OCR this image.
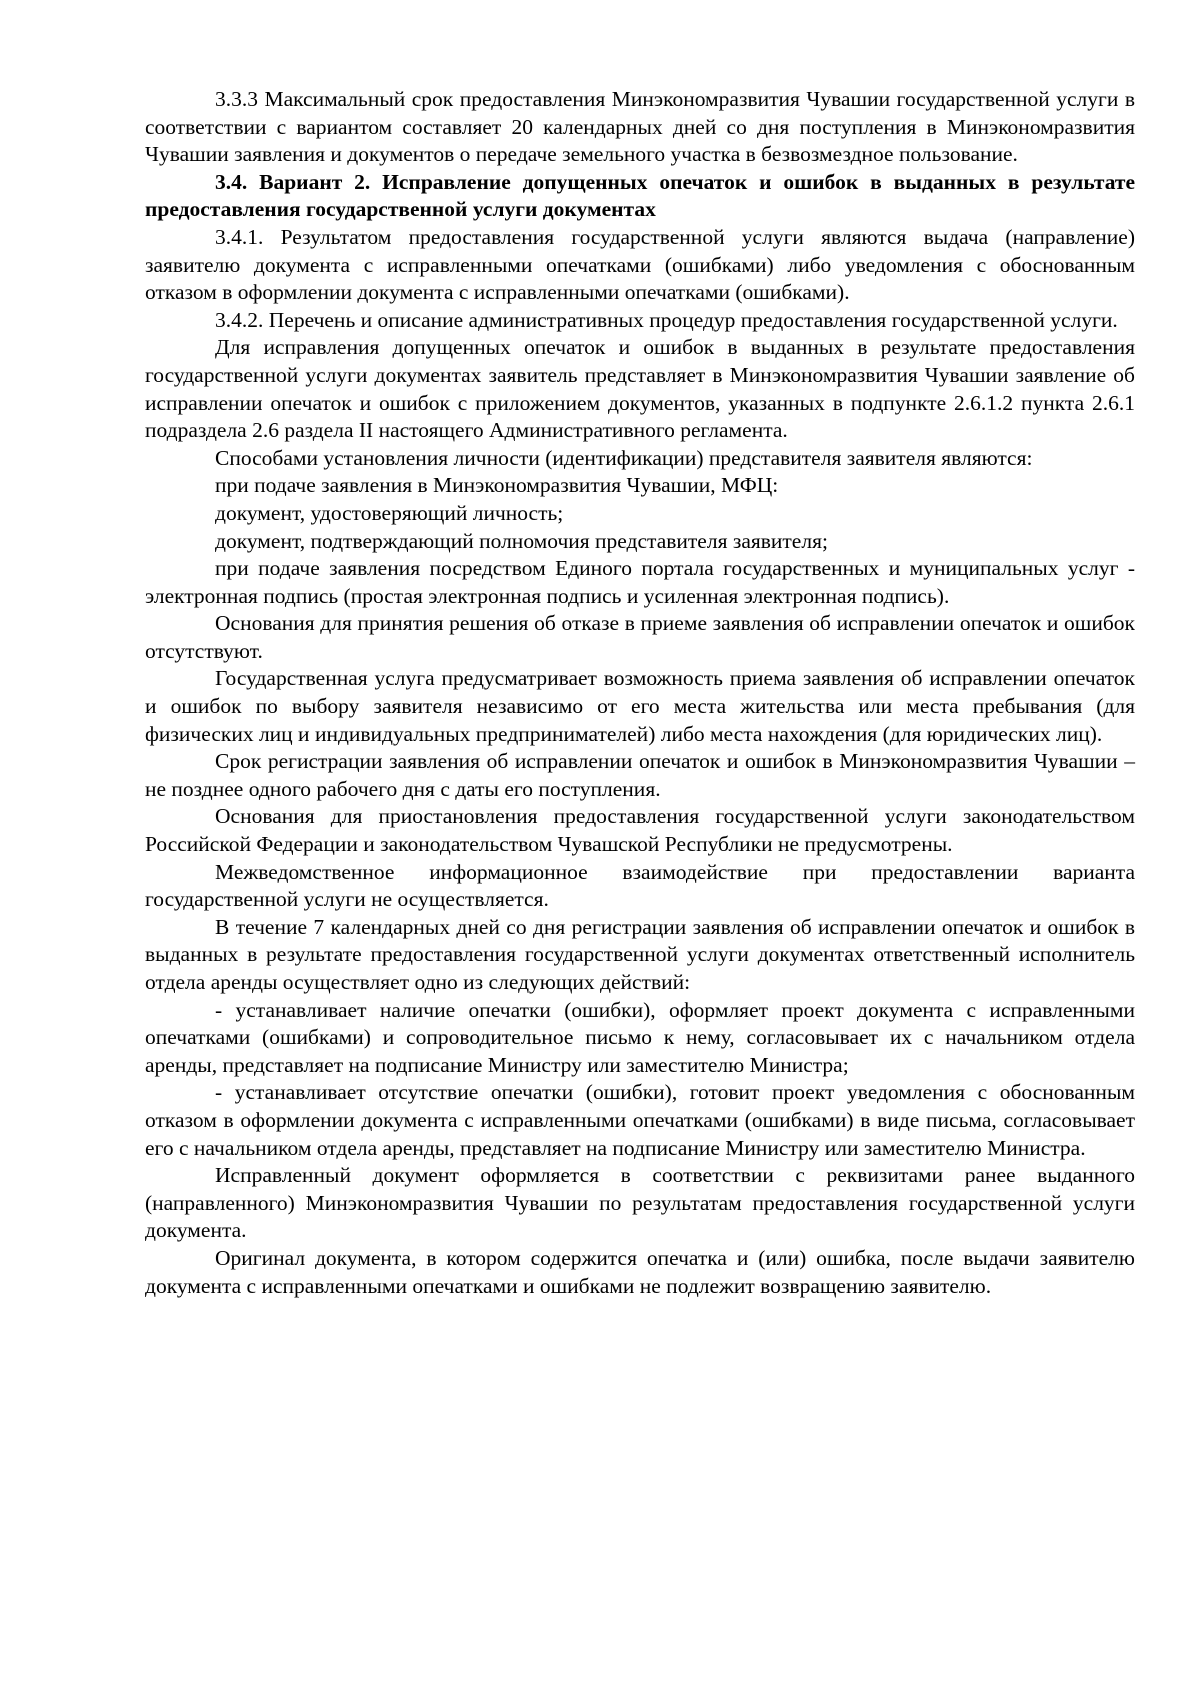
3.3.3 Максимальный срок предоставления Минэкономразвития Чувашии государственной услуги в соответствии с вариантом составляет 20 календарных дней со дня поступления в Минэкономразвития Чувашии заявления и документов о передаче земельного участка в безвозмездное пользование.

3.4. Вариант 2. Исправление допущенных опечаток и ошибок в выданных в результате предоставления государственной услуги документах

3.4.1. Результатом предоставления государственной услуги являются выдача (направление) заявителю документа с исправленными опечатками (ошибками) либо уведомления с обоснованным отказом в оформлении документа с исправленными опечатками (ошибками).

3.4.2. Перечень и описание административных процедур предоставления государственной услуги.

Для исправления допущенных опечаток и ошибок в выданных в результате предоставления государственной услуги документах заявитель представляет в Минэкономразвития Чувашии заявление об исправлении опечаток и ошибок с приложением документов, указанных в подпункте 2.6.1.2 пункта 2.6.1 подраздела 2.6 раздела II настоящего Административного регламента.

Способами установления личности (идентификации) представителя заявителя являются:

при подаче заявления в Минэкономразвития Чувашии, МФЦ:

документ, удостоверяющий личность;

документ, подтверждающий полномочия представителя заявителя;

при подаче заявления посредством Единого портала государственных и муниципальных услуг - электронная подпись (простая электронная подпись и усиленная электронная подпись).

Основания для принятия решения об отказе в приеме заявления об исправлении опечаток и ошибок отсутствуют.

Государственная услуга предусматривает возможность приема заявления об исправлении опечаток и ошибок по выбору заявителя независимо от его места жительства или места пребывания (для физических лиц и индивидуальных предпринимателей) либо места нахождения (для юридических лиц).

Срок регистрации заявления об исправлении опечаток и ошибок в Минэкономразвития Чувашии – не позднее одного рабочего дня с даты его поступления.

Основания для приостановления предоставления государственной услуги законодательством Российской Федерации и законодательством Чувашской Республики не предусмотрены.

Межведомственное информационное взаимодействие при предоставлении варианта государственной услуги не осуществляется.

В течение 7 календарных дней со дня регистрации заявления об исправлении опечаток и ошибок в выданных в результате предоставления государственной услуги документах ответственный исполнитель отдела аренды осуществляет одно из следующих действий:

- устанавливает наличие опечатки (ошибки), оформляет проект документа с исправленными опечатками (ошибками) и сопроводительное письмо к нему, согласовывает их с начальником отдела аренды, представляет на подписание Министру или заместителю Министра;

- устанавливает отсутствие опечатки (ошибки), готовит проект уведомления с обоснованным отказом в оформлении документа с исправленными опечатками (ошибками) в виде письма, согласовывает его с начальником отдела аренды, представляет на подписание Министру или заместителю Министра.

Исправленный документ оформляется в соответствии с реквизитами ранее выданного (направленного) Минэкономразвития Чувашии по результатам предоставления государственной услуги документа.

Оригинал документа, в котором содержится опечатка и (или) ошибка, после выдачи заявителю документа с исправленными опечатками и ошибками не подлежит возвращению заявителю.
